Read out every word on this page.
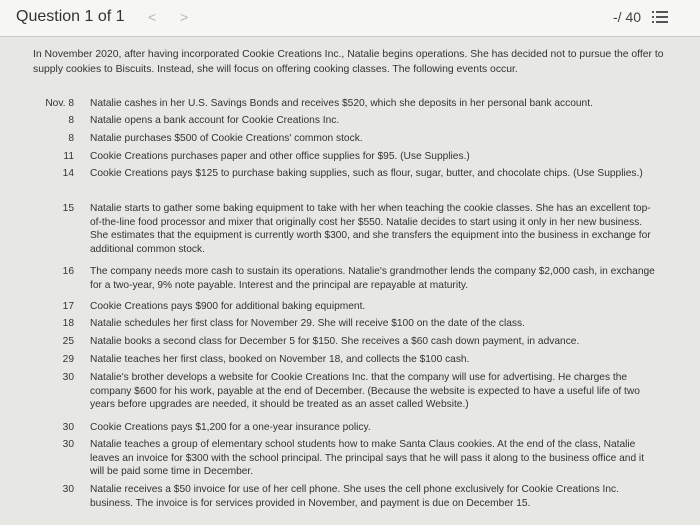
Question 1 of 1 < >	-/ 40
In November 2020, after having incorporated Cookie Creations Inc., Natalie begins operations. She has decided not to pursue the offer to supply cookies to Biscuits. Instead, she will focus on offering cooking classes. The following events occur.
Nov. 8 Natalie cashes in her U.S. Savings Bonds and receives $520, which she deposits in her personal bank account.
8 Natalie opens a bank account for Cookie Creations Inc.
8 Natalie purchases $500 of Cookie Creations' common stock.
11 Cookie Creations purchases paper and other office supplies for $95. (Use Supplies.)
14 Cookie Creations pays $125 to purchase baking supplies, such as flour, sugar, butter, and chocolate chips. (Use Supplies.)
15 Natalie starts to gather some baking equipment to take with her when teaching the cookie classes. She has an excellent top-of-the-line food processor and mixer that originally cost her $550. Natalie decides to start using it only in her new business. She estimates that the equipment is currently worth $300, and she transfers the equipment into the business in exchange for additional common stock.
16 The company needs more cash to sustain its operations. Natalie's grandmother lends the company $2,000 cash, in exchange for a two-year, 9% note payable. Interest and the principal are repayable at maturity.
17 Cookie Creations pays $900 for additional baking equipment.
18 Natalie schedules her first class for November 29. She will receive $100 on the date of the class.
25 Natalie books a second class for December 5 for $150. She receives a $60 cash down payment, in advance.
29 Natalie teaches her first class, booked on November 18, and collects the $100 cash.
30 Natalie's brother develops a website for Cookie Creations Inc. that the company will use for advertising. He charges the company $600 for his work, payable at the end of December. (Because the website is expected to have a useful life of two years before upgrades are needed, it should be treated as an asset called Website.)
30 Cookie Creations pays $1,200 for a one-year insurance policy.
30 Natalie teaches a group of elementary school students how to make Santa Claus cookies. At the end of the class, Natalie leaves an invoice for $300 with the school principal. The principal says that he will pass it along to the business office and it will be paid some time in December.
30 Natalie receives a $50 invoice for use of her cell phone. She uses the cell phone exclusively for Cookie Creations Inc. business. The invoice is for services provided in November, and payment is due on December 15.
